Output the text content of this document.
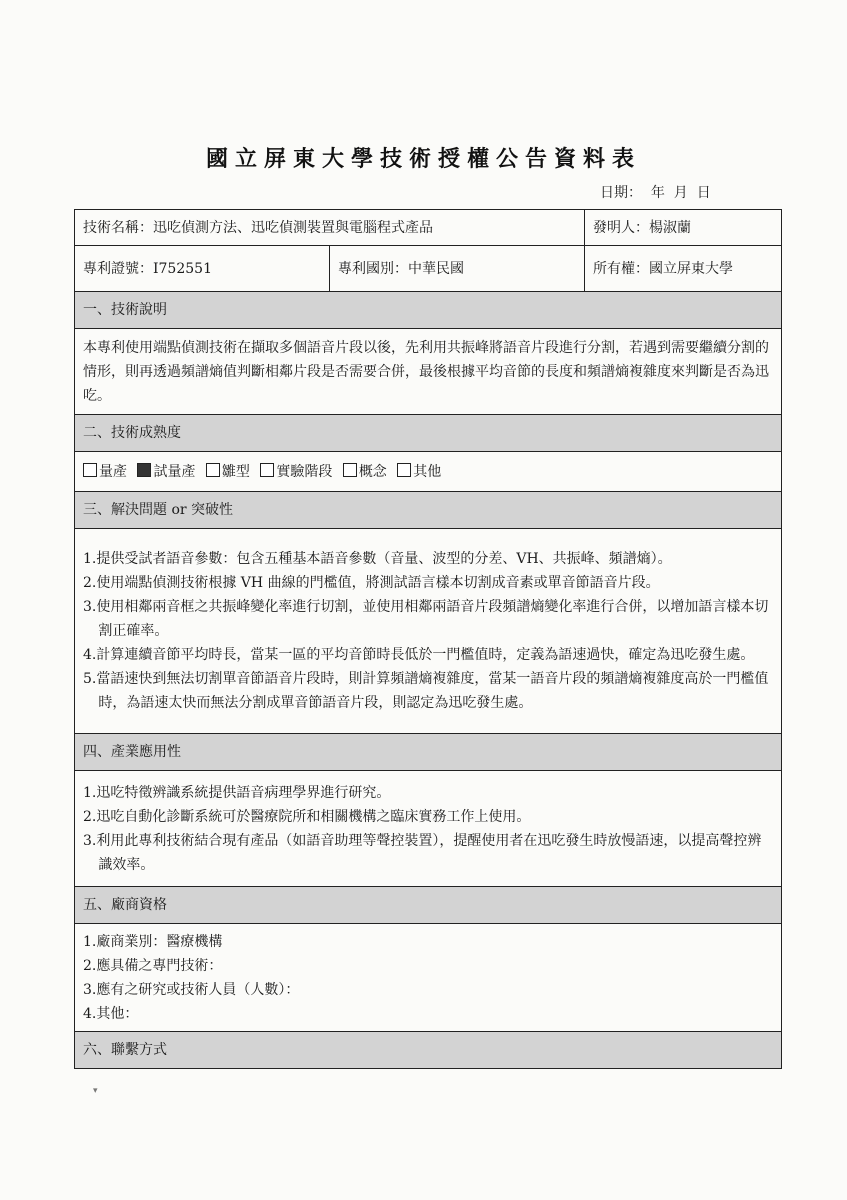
國立屏東大學技術授權公告資料表
日期：  年  月  日
技術名稱：迅吃偵測方法、迅吃偵測裝置與電腦程式產品		發明人：楊淑蘭
專利證號：I752551	專利國別：中華民國	所有權：國立屏東大學
一、技術說明		
本專利使用端點偵測技術在擷取多個語音片段以後，先利用共振峰將語音片段進行分割，若遇到需要繼續分割的情形，則再透過頻譜熵值判斷相鄰片段是否需要合併，最後根據平均音節的長度和頻譜熵複雜度來判斷是否為迅吃。		
二、技術成熟度		
量產 試量產 雛型 實驗階段 概念 其他		
三、解決問題 or 突破性		

1.提供受試者語音參數：包含五種基本語音參數（音量、波型的分差、VH、共振峰、頻譜熵）。
2.使用端點偵測技術根據 VH 曲線的門檻值，將測試語言樣本切割成音素或單音節語音片段。
3.使用相鄰兩音框之共振峰變化率進行切割，並使用相鄰兩語音片段頻譜熵變化率進行合併，以增加語言樣本切割正確率。
4.計算連續音節平均時長，當某一區的平均音節時長低於一門檻值時，定義為語速過快，確定為迅吃發生處。
5.當語速快到無法切割單音節語音片段時，則計算頻譜熵複雜度，當某一語音片段的頻譜熵複雜度高於一門檻值時，為語速太快而無法分割成單音節語音片段，則認定為迅吃發生處。		

四、產業應用性		

1.迅吃特徵辨識系統提供語音病理學界進行研究。
2.迅吃自動化診斷系統可於醫療院所和相關機構之臨床實務工作上使用。
3.利用此專利技術結合現有產品（如語音助理等聲控裝置），提醒使用者在迅吃發生時放慢語速，以提高聲控辨識效率。		

五、廠商資格		

1.廠商業別：醫療機構
2.應具備之專門技術：
3.應有之研究或技術人員（人數）：
4.其他：		

六、聯繫方式		
▾
